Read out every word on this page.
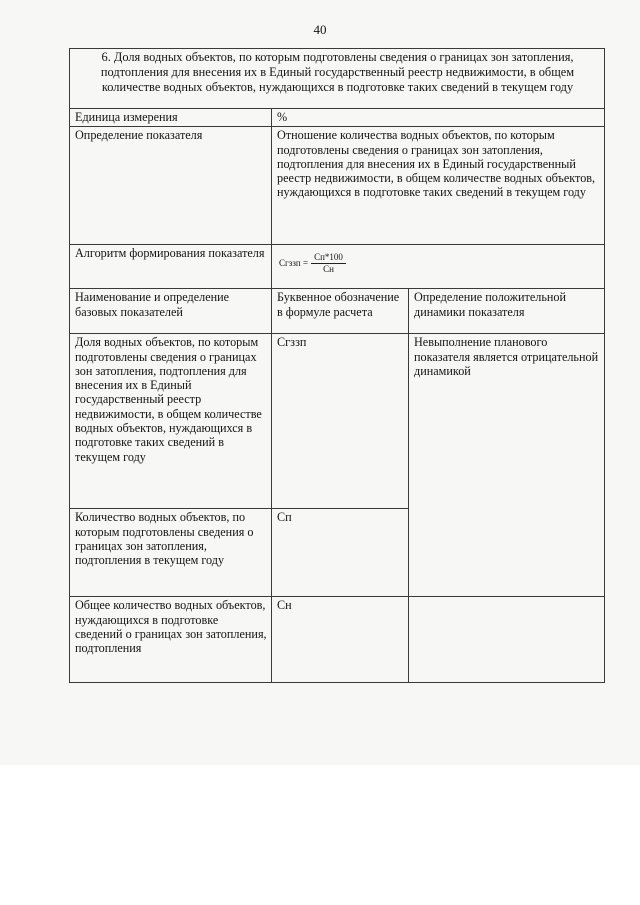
40
6. Доля водных объектов, по которым подготовлены сведения о границах зон затопления, подтопления для внесения их в Единый государственный реестр недвижимости, в общем количестве водных объектов, нуждающихся в подготовке таких сведений в текущем году		
Единица измерения	%	
Определение показателя	Отношение количества водных объектов, по которым подготовлены сведения о границах зон затопления, подтопления для внесения их в Единый государственный реестр недвижимости, в общем количестве водных объектов, нуждающихся в подготовке таких сведений в текущем году	
Алгоритм формирования показателя	Сгззп = $\frac{Сп*100}{Сн}$

Наименование и определение базовых показателей	Буквенное обозначение в формуле расчета	Определение положительной динамики показателя
Доля водных объектов, по которым подготовлены сведения о границах зон затопления, подтопления для внесения их в Единый государственный реестр недвижимости, в общем количестве водных объектов, нуждающихся в подготовке таких сведений в текущем году	Сгззп	Невыполнение планового показателя является отрицательной динамикой
Количество водных объектов, по которым подготовлены сведения о границах зон затопления, подтопления в текущем году	Сп	
Общее количество водных объектов, нуждающихся в подготовке сведений о границах зон затопления, подтопления	Сн	
